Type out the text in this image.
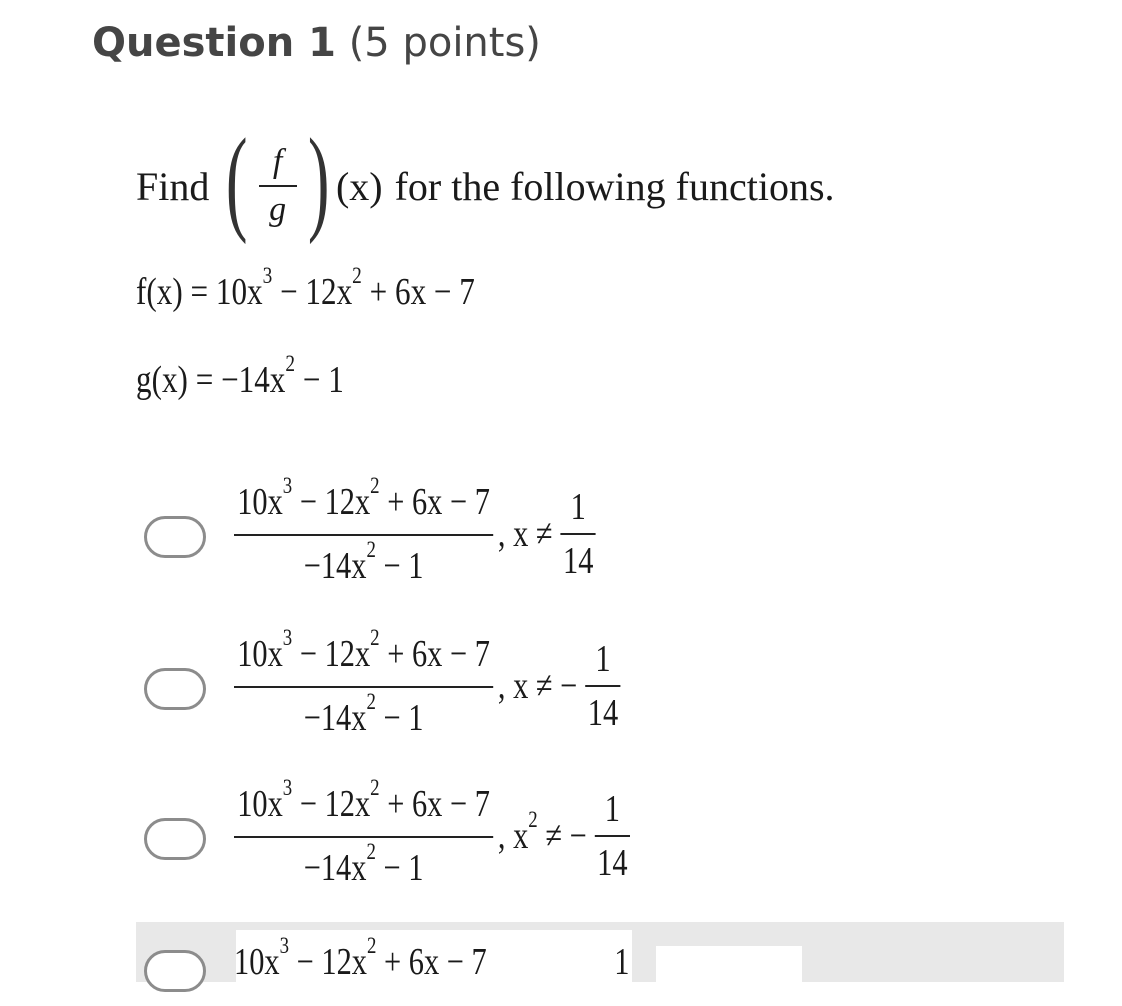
Question 1 (5 points)
Find ( $\frac{f}{g}$ ) (x) for the following functions.
$f(x) = 10x^3 - 12x^2 + 6x - 7$
$g(x) = -14x^2 - 1$
$\frac{10x^3 - 12x^2 + 6x - 7}{-14x^2 - 1}$ , $x \ne \frac{1}{14}$
$\frac{10x^3 - 12x^2 + 6x - 7}{-14x^2 - 1}$ , x ≠ − $\frac{1}{14}$
$\frac{10x^3 - 12x^2 + 6x - 7}{-14x^2 - 1}$ , $x^2$ ≠ − $\frac{1}{14}$
$10x^3 - 12x^2 + 6x - 7$	1
